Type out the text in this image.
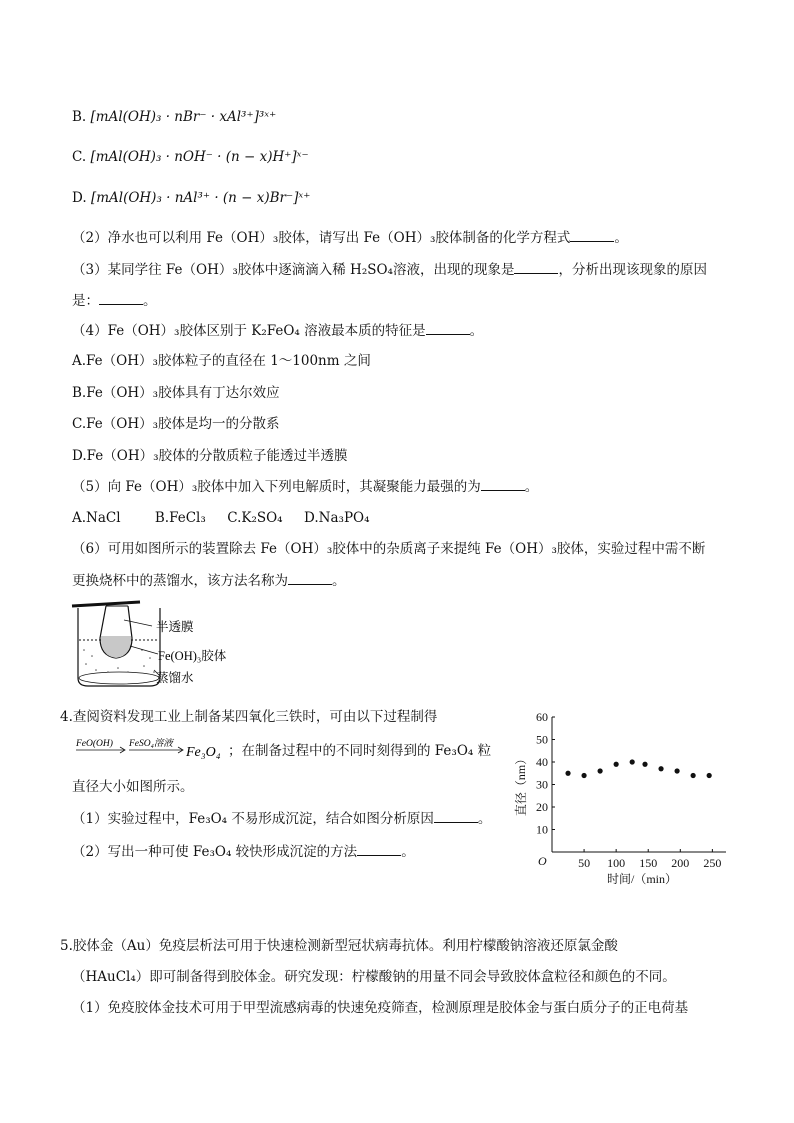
B. [mAl(OH)₃ · nBr⁻ · xAl³⁺]³ˣ⁺
C. [mAl(OH)₃ · nOH⁻ · (n − x)H⁺]ˣ⁻
D. [mAl(OH)₃ · nAl³⁺ · (n − x)Br⁻]ˣ⁺
（2）净水也可以利用 Fe（OH）₃胶体，请写出 Fe（OH）₃胶体制备的化学方程式	。
（3）某同学往 Fe（OH）₃胶体中逐滴滴入稀 H₂SO₄溶液，出现的现象是	，分析出现该现象的原因
是：	。
（4）Fe（OH）₃胶体区别于 K₂FeO₄ 溶液最本质的特征是	。
A.Fe（OH）₃胶体粒子的直径在 1～100nm 之间
B.Fe（OH）₃胶体具有丁达尔效应
C.Fe（OH）₃胶体是均一的分散系
D.Fe（OH）₃胶体的分散质粒子能透过半透膜
（5）向 Fe（OH）₃胶体中加入下列电解质时，其凝聚能力最强的为	。
A.NaCl        B.FeCl₃     C.K₂SO₄     D.Na₃PO₄
（6）可用如图所示的装置除去 Fe（OH）₃胶体中的杂质离子来提纯 Fe（OH）₃胶体，实验过程中需不断
更换烧杯中的蒸馏水，该方法名称为	。
半透膜
Fe(OH)₃胶体
蒸馏水
4.查阅资料发现工业上制备某四氧化三铁时，可由以下过程制得
FeO(OH) FeSO₄溶液
Fe₃O₄ ；在制备过程中的不同时刻得到的 Fe₃O₄ 粒
直径大小如图所示。
（1）实验过程中，Fe₃O₄ 不易形成沉淀，结合如图分析原因	。
（2）写出一种可使 Fe₃O₄ 较快形成沉淀的方法	。
50 100 150 200 250
10
20
30
40
50
60
直径（nm）
时间/（min）
O
5.胶体金（Au）免疫层析法可用于快速检测新型冠状病毒抗体。利用柠檬酸钠溶液还原氯金酸
（HAuCl₄）即可制备得到胶体金。研究发现：柠檬酸钠的用量不同会导致胶体盒粒径和颜色的不同。
（1）免疫胶体金技术可用于甲型流感病毒的快速免疫筛查，检测原理是胶体金与蛋白质分子的正电荷基
